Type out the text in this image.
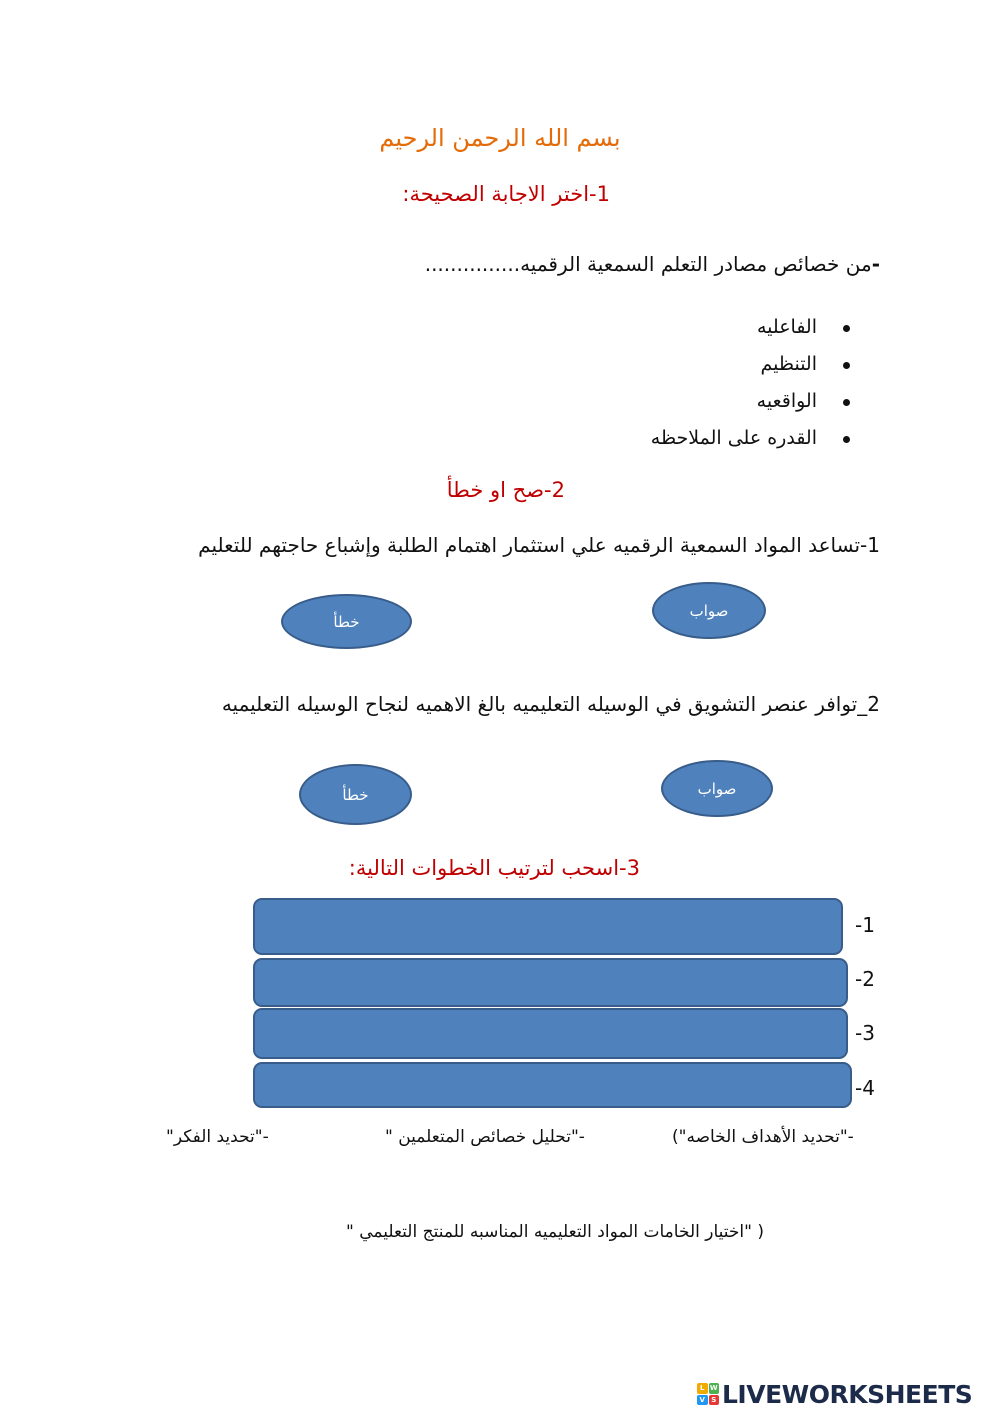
بسم الله الرحمن الرحيم
1-اختر الاجابة الصحيحة:
-من خصائص مصادر التعلم السمعية الرقميه...............
الفاعليه
التنظيم
الواقعيه
القدره على الملاحظه
2-صح او خطأ
1-تساعد المواد السمعية الرقميه علي استثمار اهتمام الطلبة وإشباع حاجتهم للتعليم
صواب
خطأ
2_توافر عنصر التشويق في الوسيله التعليميه بالغ الاهميه لنجاح الوسيله التعليميه
صواب
خطأ
3-اسحب لترتيب الخطوات التالية:
-1
-2
-3
-4
("تحديد الأهداف الخاصه"-
" تحليل خصائص المتعلمين"-
"تحديد الفكر"-
" اختيار الخامات المواد التعليميه المناسبه للمنتج التعليمي" )
L W
V S LIVEWORKSHEETS
